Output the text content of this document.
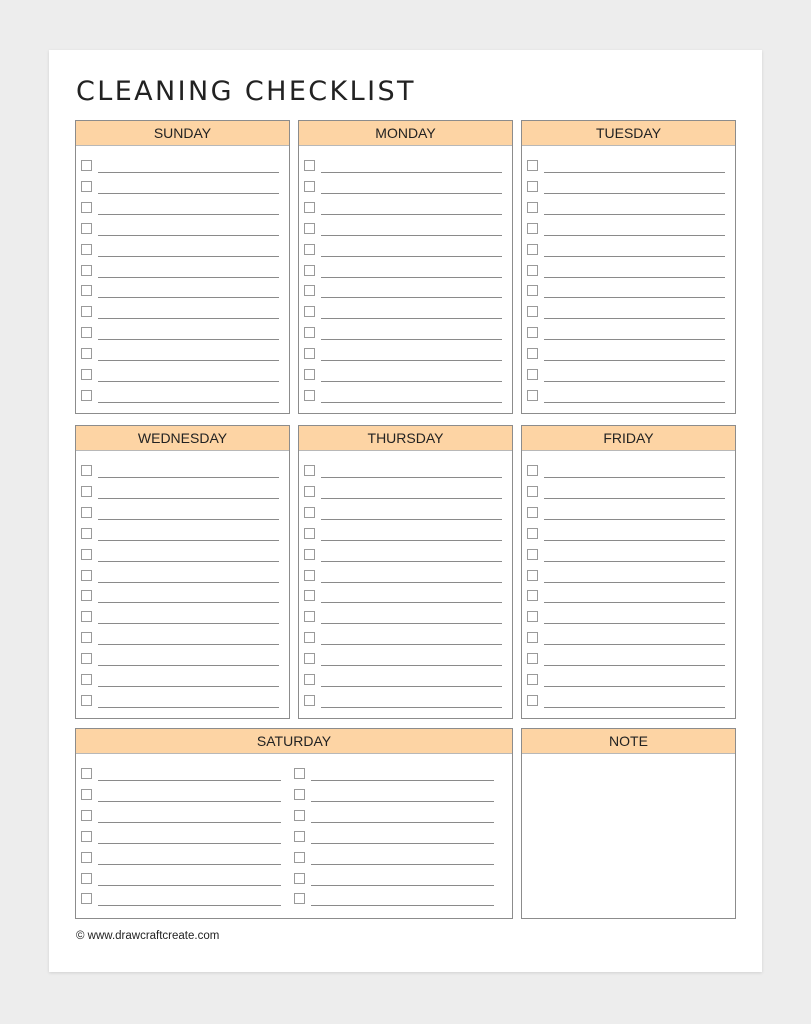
CLEANING CHECKLIST
SUNDAY	MONDAY	TUESDAY
WEDNESDAY	THURSDAY	FRIDAY
SATURDAY	NOTE
© www.drawcraftcreate.com
